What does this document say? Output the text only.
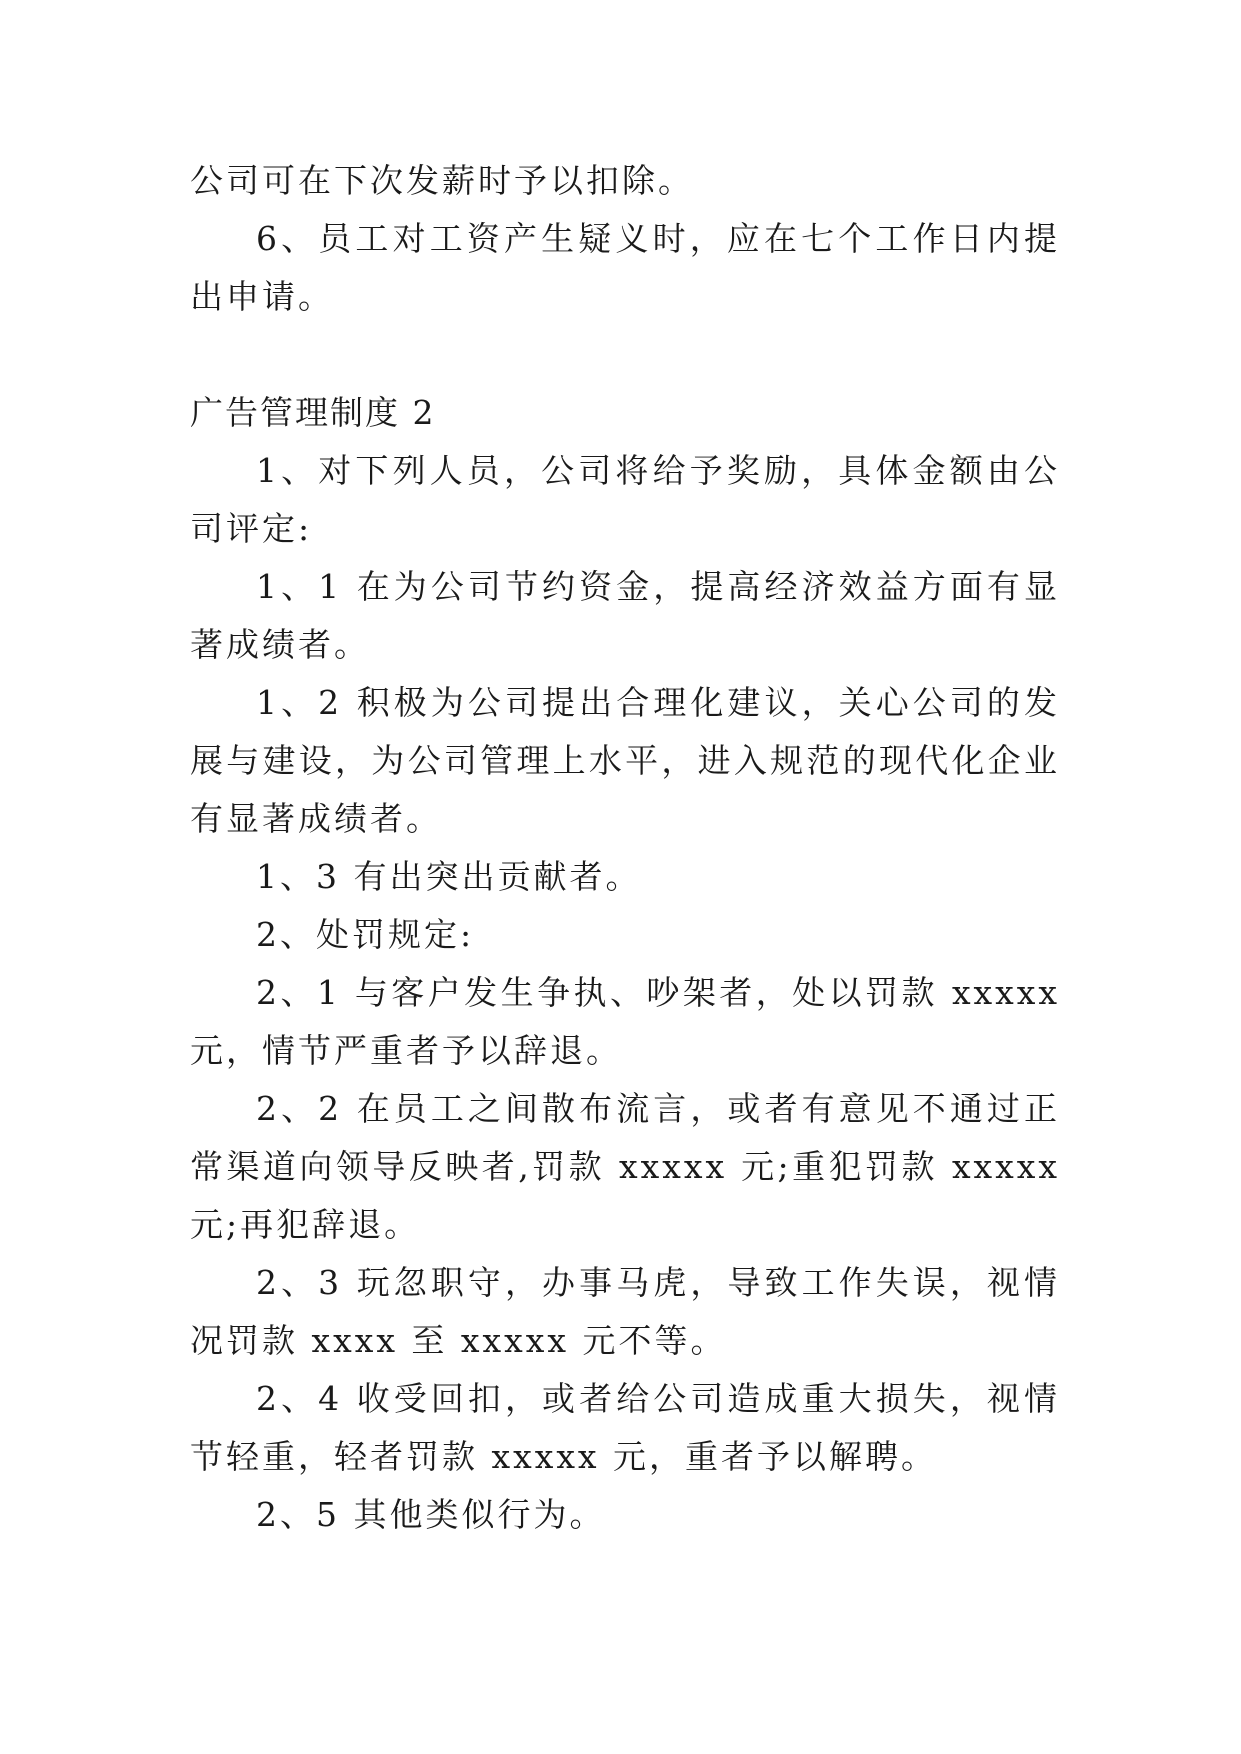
公司可在下次发薪时予以扣除。

6、员工对工资产生疑义时，应在七个工作日内提出申请。

广告管理制度 2

1、对下列人员，公司将给予奖励，具体金额由公司评定:

1、1 在为公司节约资金，提高经济效益方面有显著成绩者。

1、2 积极为公司提出合理化建议，关心公司的发展与建设，为公司管理上水平，进入规范的现代化企业有显著成绩者。

1、3 有出突出贡献者。

2、处罚规定:

2、1 与客户发生争执、吵架者，处以罚款 xxxxx 元，情节严重者予以辞退。

2、2 在员工之间散布流言，或者有意见不通过正常渠道向领导反映者,罚款 xxxxx 元;重犯罚款 xxxxx 元;再犯辞退。

2、3 玩忽职守，办事马虎，导致工作失误，视情况罚款 xxxx 至 xxxxx 元不等。

2、4 收受回扣，或者给公司造成重大损失，视情节轻重，轻者罚款 xxxxx 元，重者予以解聘。

2、5 其他类似行为。
